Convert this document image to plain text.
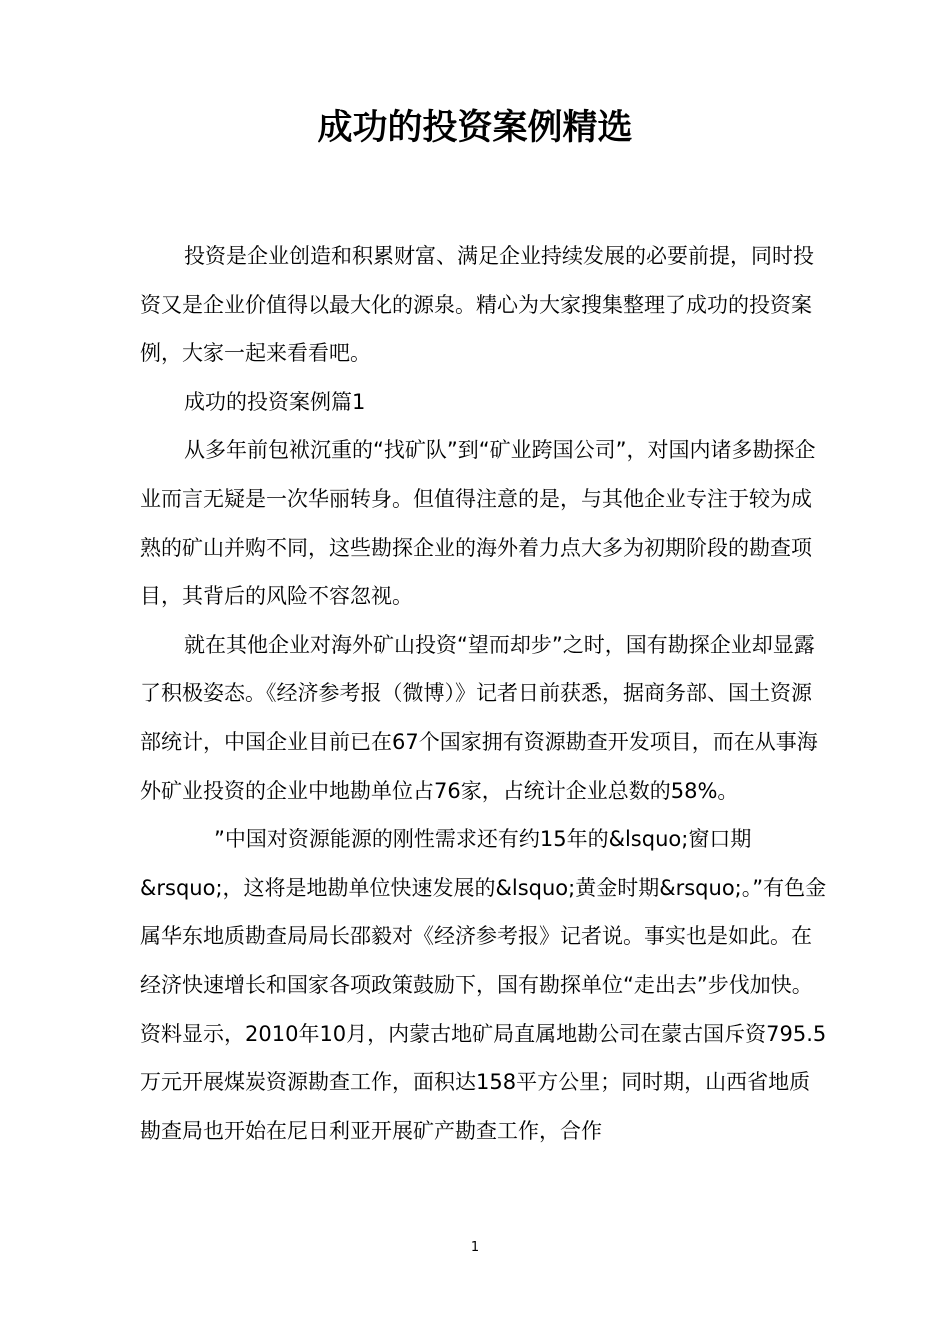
成功的投资案例精选

投资是企业创造和积累财富、满足企业持续发展的必要前提，同时投资又是企业价值得以最大化的源泉。精心为大家搜集整理了成功的投资案例，大家一起来看看吧。

成功的投资案例篇1

从多年前包袱沉重的“找矿队”到“矿业跨国公司”，对国内诸多勘探企业而言无疑是一次华丽转身。但值得注意的是，与其他企业专注于较为成熟的矿山并购不同，这些勘探企业的海外着力点大多为初期阶段的勘查项目，其背后的风险不容忽视。

就在其他企业对海外矿山投资“望而却步”之时，国有勘探企业却显露了积极姿态。《经济参考报（微博）》记者日前获悉，据商务部、国土资源部统计，中国企业目前已在67个国家拥有资源勘查开发项目，而在从事海外矿业投资的企业中地勘单位占76家，占统计企业总数的58%。

”中国对资源能源的刚性需求还有约15年的&lsquo;窗口期&rsquo;，这将是地勘单位快速发展的&lsquo;黄金时期&rsquo;。”有色金属华东地质勘查局局长邵毅对《经济参考报》记者说。事实也是如此。在经济快速增长和国家各项政策鼓励下，国有勘探单位“走出去”步伐加快。资料显示，2010年10月，内蒙古地矿局直属地勘公司在蒙古国斥资795.5万元开展煤炭资源勘查工作，面积达158平方公里；同时期，山西省地质勘查局也开始在尼日利亚开展矿产勘查工作，合作

1
